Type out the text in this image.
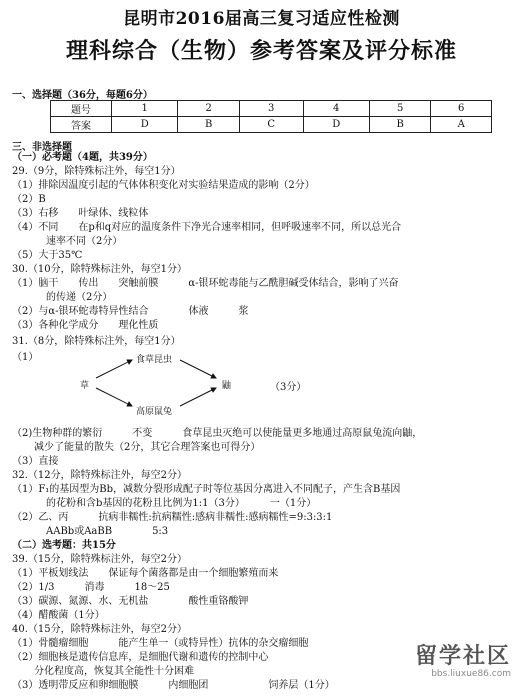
昆明市2016届高三复习适应性检测
理科综合（生物）参考答案及评分标准
一、选择题（36分，每题6分）
题号	1	2	3	4	5	6
答案	D	B	C	D	B	A
三、非选择题
（一）必考题（4题，共39分）
29.（9分，除特殊标注外，每空1分）
（1）排除因温度引起的气体体积变化对实验结果造成的影响（2分）
（2）B
（3）右移　　叶绿体、线粒体
（4）不同　　在p和q对应的温度条件下净光合速率相同，但呼吸速率不同，所以总光合
速率不同（2分）
（5）大于35℃
30.（10分，除特殊标注外，每空1分）
（1）脑干　　传出　　突触前膜　　　α-银环蛇毒能与乙酰胆碱受体结合，影响了兴奋
的传递（2分）
（2）与α-银环蛇毒特异性结合　　　　体液　　　浆
（3）各种化学成分　　理化性质
31.（8分，除特殊标注外，每空1分）
（1）	食草昆虫
草	鼬
高原鼠兔
（3分）
（2)生物种群的繁衍　　　不变　　　食草昆虫灭绝可以使能量更多地通过高原鼠兔流向鼬，
减少了能量的散失（2分，其它合理答案也可得分）
（3）直接
32.（12分，除特殊标注外，每空2分）
（1）F₁的基因型为Bb，减数分裂形成配子时等位基因分离进入不同配子，产生含B基因
的花粉和含b基因的花粉且比例为1:1（3分）　　　一（1分）
（2）乙、丙　　　抗病非糯性:抗病糯性:感病非糯性:感病糯性=9:3:3:1
AABb或AaBB　　　　5:3
（二）选考题：共15分
39.（15分，除特殊标注外，每空2分）
（1）平板划线法　　保证每个菌落都是由一个细胞繁殖而来
（2）1/3　　　消毒　　　18～25
（3）碳源、氮源、水、无机盐　　　　酸性重铬酸钾
（4）醋酸菌（1分）
40.（15分，除特殊标注外，每空2分）
（1）骨髓瘤细胞　　　能产生单一（或特异性）抗体的杂交瘤细胞
（2）细胞核是遗传信息库，是细胞代谢和遗传的控制中心
分化程度高，恢复其全能性十分困难
（3）透明带反应和卵细胞膜　　　内细胞团　　　　　　饲养层（1分）
留学社区
bbs.liuxue86.com
